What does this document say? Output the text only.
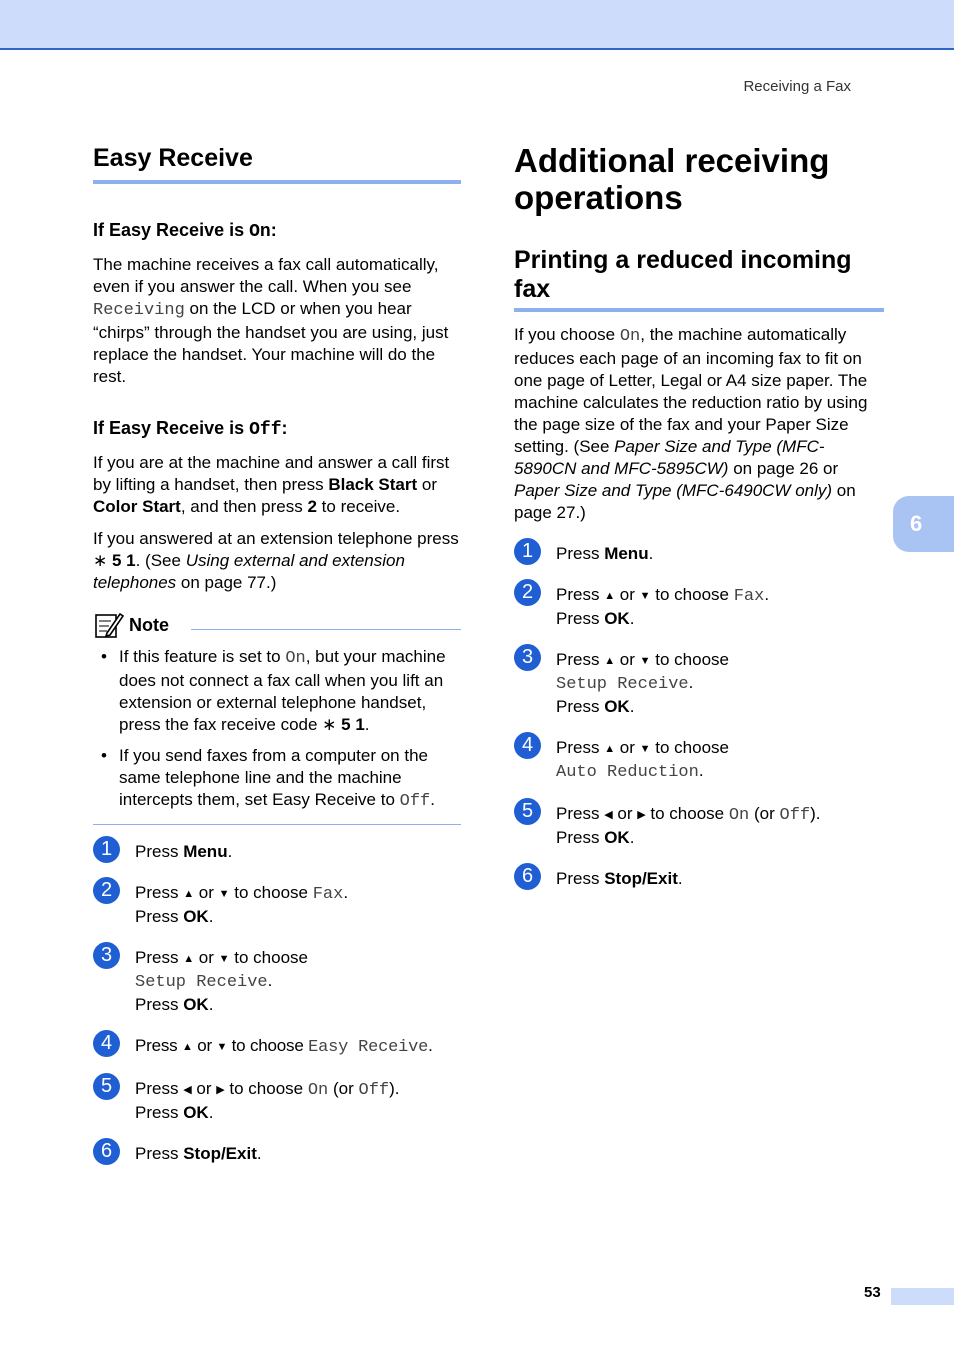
Receiving a Fax
6
Easy Receive
If Easy Receive is On:

The machine receives a fax call automatically, even if you answer the call. When you see Receiving on the LCD or when you hear “chirps” through the handset you are using, just replace the handset. Your machine will do the rest.

If Easy Receive is Off:

If you are at the machine and answer a call first by lifting a handset, then press Black Start or Color Start, and then press 2 to receive.

If you answered at an extension telephone press ∗ 5 1. (See Using external and extension telephones on page 77.)

Note
• If this feature is set to On, but your machine does not connect a fax call when you lift an extension or external telephone handset, press the fax receive code ∗ 5 1.
• If you send faxes from a computer on the same telephone line and the machine intercepts them, set Easy Receive to Off.
1	Press Menu.
2	Press ▲ or ▼ to choose Fax.
Press OK.
3	Press ▲ or ▼ to choose
Setup Receive.
Press OK.
4	Press ▲ or ▼ to choose Easy Receive.
5	Press ◀ or ▶ to choose On (or Off).
Press OK.
6	Press Stop/Exit.
Additional receiving operations
Printing a reduced incoming fax

If you choose On, the machine automatically reduces each page of an incoming fax to fit on one page of Letter, Legal or A4 size paper. The machine calculates the reduction ratio by using the page size of the fax and your Paper Size setting. (See Paper Size and Type (MFC-5890CN and MFC-5895CW) on page 26 or Paper Size and Type (MFC-6490CW only) on page 27.)

1	Press Menu.
2	Press ▲ or ▼ to choose Fax.
Press OK.
3	Press ▲ or ▼ to choose
Setup Receive.
Press OK.
4	Press ▲ or ▼ to choose
Auto Reduction.
5	Press ◀ or ▶ to choose On (or Off).
Press OK.
6	Press Stop/Exit.
53
